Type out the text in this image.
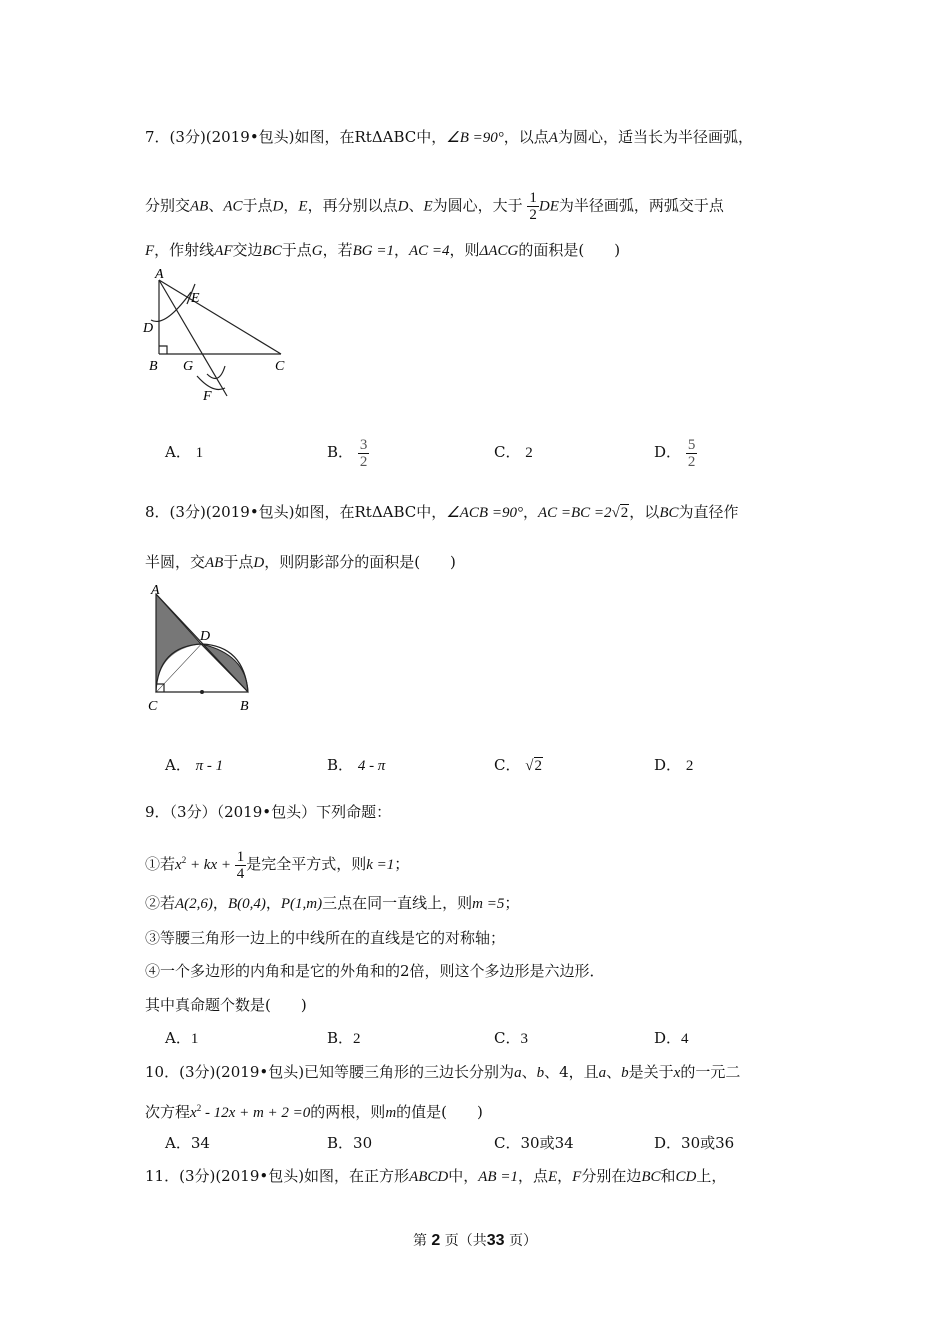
7．(3分)(2019•包头)如图，在RtΔABC中，∠B =90°，以点A为圆心，适当长为半径画弧，
分别交AB、AC于点D，E，再分别以点D、E为圆心，大于 $\frac{1}{2}$ DE为半径画弧，两弧交于点
F，作射线AF交边BC于点G，若BG =1，AC =4，则ΔACG的面积是(　　)
A
E
D
B G	C
F
A． 1	B． $\frac{3}{2}$	C． 2	D． $\frac{5}{2}$
8．(3分)(2019•包头)如图，在RtΔABC中，∠ACB =90°，AC =BC =2√2，以BC为直径作
半圆，交AB于点D，则阴影部分的面积是(　　)
A
D
C	B
A． π - 1	B． 4 - π	C． √2	D． 2
9．（3分）（2019•包头）下列命题：
①若$x^2$ + kx + $\frac{1}{4}$ 是完全平方式，则k =1；
②若A(2,6)，B(0,4)，P(1,m)三点在同一直线上，则m =5；
③等腰三角形一边上的中线所在的直线是它的对称轴；
④一个多边形的内角和是它的外角和的2倍，则这个多边形是六边形．
其中真命题个数是(　　)
A．1	B．2	C．3	D．4
10．(3分)(2019•包头)已知等腰三角形的三边长分别为a、b、4，且a、b是关于x的一元二
次方程$x^2 - 12x + m + 2 =0$的两根，则m的值是(　　)
A．34	B．30	C．30或34	D．30或36
11．(3分)(2019•包头)如图，在正方形ABCD中，AB =1，点E，F分别在边BC和CD上，
第 2 页（共33 页）
